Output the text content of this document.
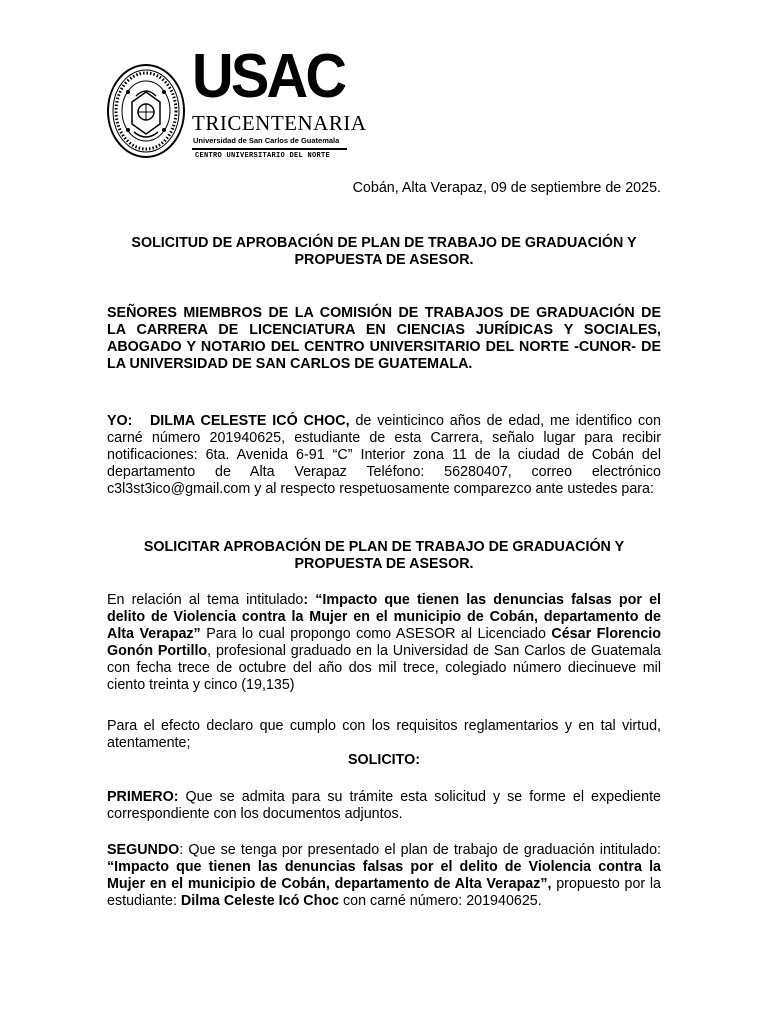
USAC
TRICENTENARIA
Universidad de San Carlos de Guatemala
CENTRO UNIVERSITARIO DEL NORTE

Cobán, Alta Verapaz, 09 de septiembre de 2025.

SOLICITUD DE APROBACIÓN DE PLAN DE TRABAJO DE GRADUACIÓN Y PROPUESTA DE ASESOR.

SEÑORES MIEMBROS DE LA COMISIÓN DE TRABAJOS DE GRADUACIÓN DE LA CARRERA DE LICENCIATURA EN CIENCIAS JURÍDICAS Y SOCIALES, ABOGADO Y NOTARIO DEL CENTRO UNIVERSITARIO DEL NORTE -CUNOR- DE LA UNIVERSIDAD DE SAN CARLOS DE GUATEMALA.

YO: DILMA CELESTE ICÓ CHOC, de veinticinco años de edad, me identifico con carné número 201940625, estudiante de esta Carrera, señalo lugar para recibir notificaciones: 6ta. Avenida 6-91 “C” Interior zona 11 de la ciudad de Cobán del departamento de Alta Verapaz Teléfono: 56280407, correo electrónico c3l3st3ico@gmail.com y al respecto respetuosamente comparezco ante ustedes para:

SOLICITAR APROBACIÓN DE PLAN DE TRABAJO DE GRADUACIÓN Y PROPUESTA DE ASESOR.

En relación al tema intitulado: “Impacto que tienen las denuncias falsas por el delito de Violencia contra la Mujer en el municipio de Cobán, departamento de Alta Verapaz” Para lo cual propongo como ASESOR al Licenciado César Florencio Gonón Portillo, profesional graduado en la Universidad de San Carlos de Guatemala con fecha trece de octubre del año dos mil trece, colegiado número diecinueve mil ciento treinta y cinco (19,135)

Para el efecto declaro que cumplo con los requisitos reglamentarios y en tal virtud, atentamente;

SOLICITO:

PRIMERO: Que se admita para su trámite esta solicitud y se forme el expediente correspondiente con los documentos adjuntos.

SEGUNDO: Que se tenga por presentado el plan de trabajo de graduación intitulado: “Impacto que tienen las denuncias falsas por el delito de Violencia contra la Mujer en el municipio de Cobán, departamento de Alta Verapaz”, propuesto por la estudiante: Dilma Celeste Icó Choc con carné número: 201940625.
